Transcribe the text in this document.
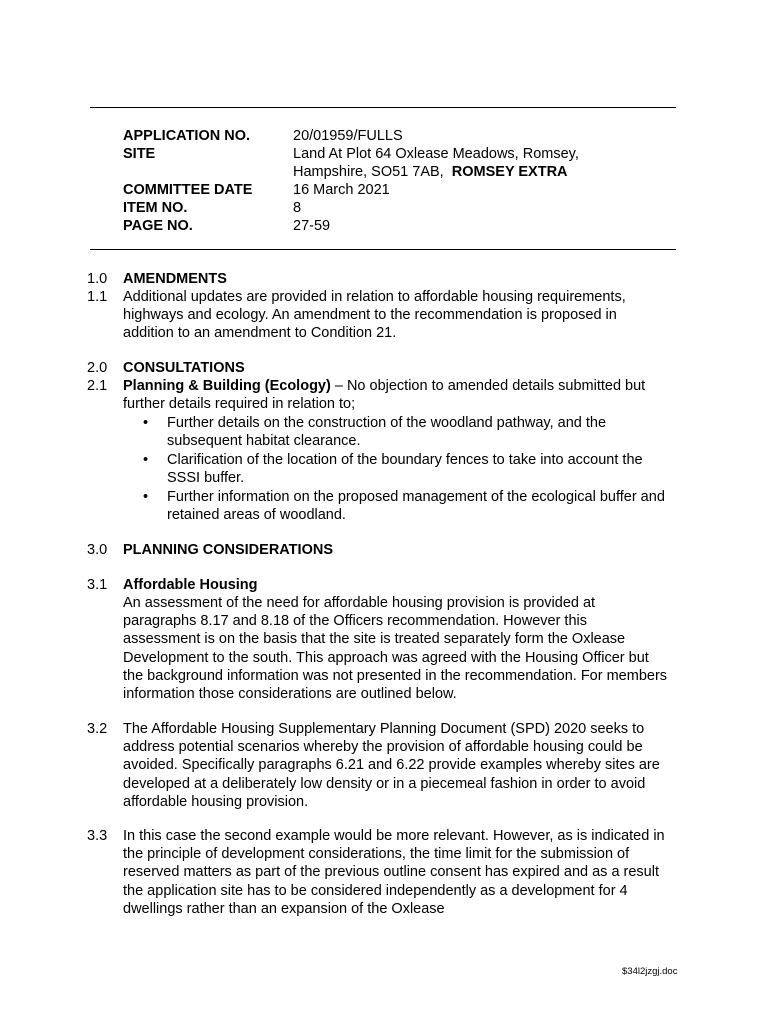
APPLICATION NO.	20/01959/FULLS
SITE	Land At Plot 64 Oxlease Meadows, Romsey,
Hampshire, SO51 7AB, ROMSEY EXTRA
COMMITTEE DATE	16 March 2021
ITEM NO.	8
PAGE NO.	27-59
1.0 AMENDMENTS
1.1 Additional updates are provided in relation to affordable housing requirements, highways and ecology. An amendment to the recommendation is proposed in addition to an amendment to Condition 21.
2.0 CONSULTATIONS
2.1 Planning & Building (Ecology) – No objection to amended details submitted but further details required in relation to;
• Further details on the construction of the woodland pathway, and the subsequent habitat clearance.
• Clarification of the location of the boundary fences to take into account the SSSI buffer.
• Further information on the proposed management of the ecological buffer and retained areas of woodland.
3.0 PLANNING CONSIDERATIONS
3.1 Affordable Housing
An assessment of the need for affordable housing provision is provided at paragraphs 8.17 and 8.18 of the Officers recommendation. However this assessment is on the basis that the site is treated separately form the Oxlease Development to the south. This approach was agreed with the Housing Officer but the background information was not presented in the recommendation. For members information those considerations are outlined below.
3.2 The Affordable Housing Supplementary Planning Document (SPD) 2020 seeks to address potential scenarios whereby the provision of affordable housing could be avoided. Specifically paragraphs 6.21 and 6.22 provide examples whereby sites are developed at a deliberately low density or in a piecemeal fashion in order to avoid affordable housing provision.
3.3 In this case the second example would be more relevant. However, as is indicated in the principle of development considerations, the time limit for the submission of reserved matters as part of the previous outline consent has expired and as a result the application site has to be considered independently as a development for 4 dwellings rather than an expansion of the Oxlease
$34l2jzgj.doc
